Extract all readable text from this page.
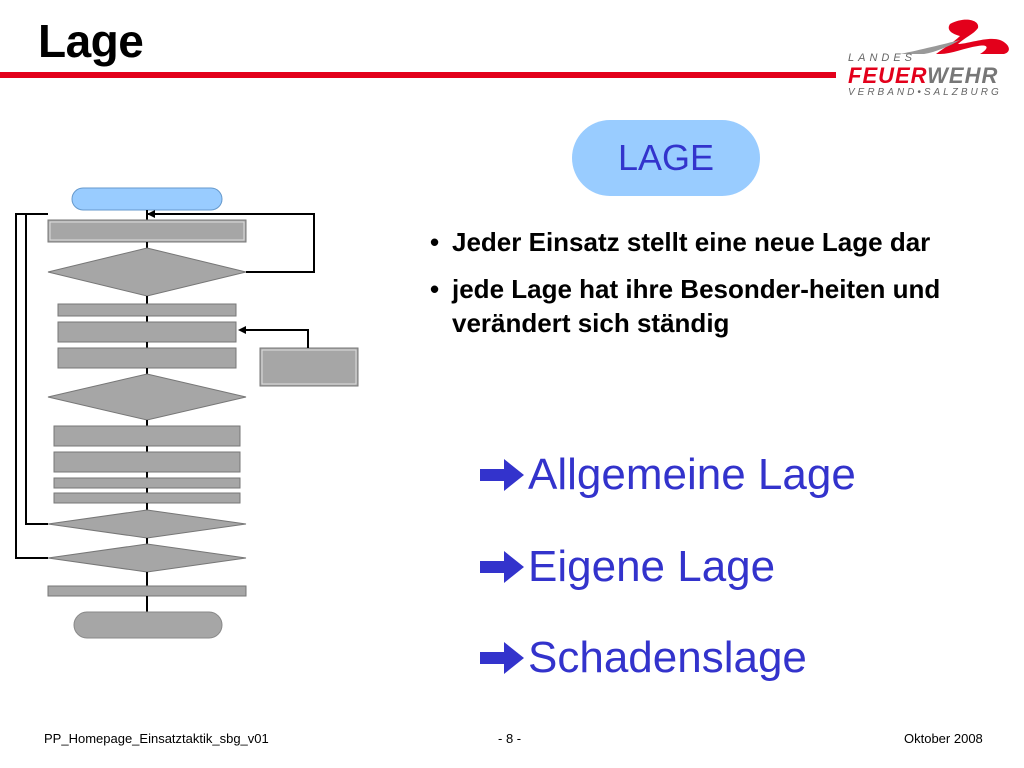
Lage	LANDES
FEUERWEHR
VERBAND•SALZBURG
LAGE
• Jeder Einsatz stellt eine neue Lage dar
• jede Lage hat ihre Besonder-heiten und verändert sich ständig
Allgemeine Lage
Eigene Lage
Schadenslage
PP_Homepage_Einsatztaktik_sbg_v01	- 8 -	Oktober 2008
